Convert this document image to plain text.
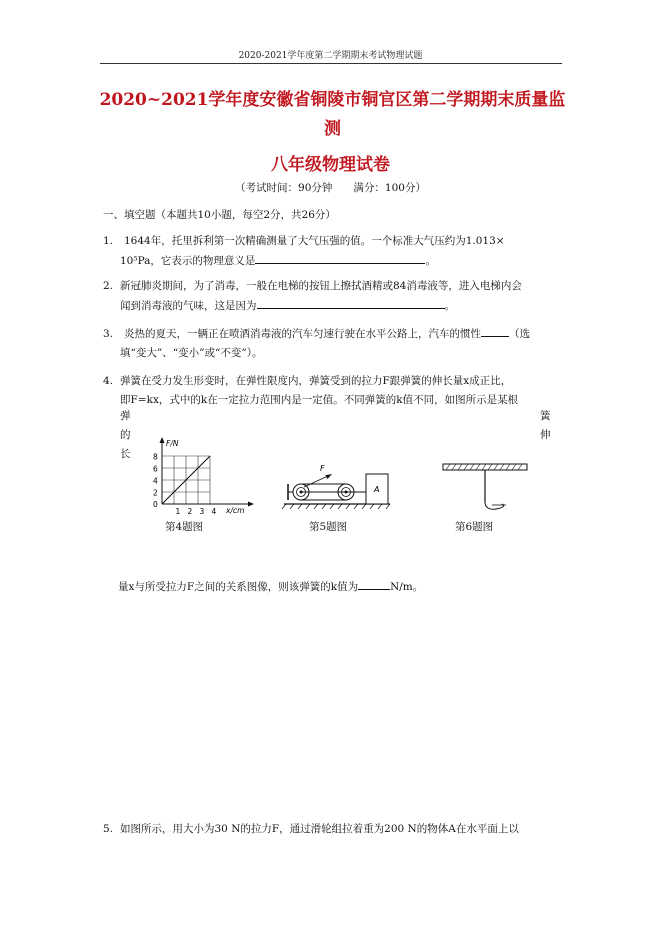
2020-2021学年度第二学期期末考试物理试题
2020~2021学年度安徽省铜陵市铜官区第二学期期末质量监
测
八年级物理试卷
（考试时间：90分钟　　满分：100分）
一、填空题（本题共10小题，每空2分，共26分）
1. 1644年，托里拆利第一次精确测量了大气压强的值。一个标准大气压约为1.013×
10⁵Pa，它表示的物理意义是	。
2. 新冠肺炎期间，为了消毒，一般在电梯的按钮上擦拭酒精或84消毒液等，进入电梯内会
闻到消毒液的气味，这是因为	。
3. 炎热的夏天，一辆正在喷洒消毒液的汽车匀速行驶在水平公路上，汽车的惯性	（选
填“变大”、“变小”或“不变”）。
4. 弹簧在受力发生形变时，在弹性限度内，弹簧受到的拉力F跟弹簧的伸长量x成正比，
即F=kx，式中的k在一定拉力范围内是一定值。不同弹簧的k值不同，如图所示是某根
弹
的
长
簧
伸
F/N
x/cm
0
8
6
4
2
1 2 3 4
第4题图
F
A
第5题图	第6题图
量x与所受拉力F之间的关系图像，则该弹簧的k值为	N/m。
5. 如图所示，用大小为30 N的拉力F，通过滑轮组拉着重为200 N的物体A在水平面上以
